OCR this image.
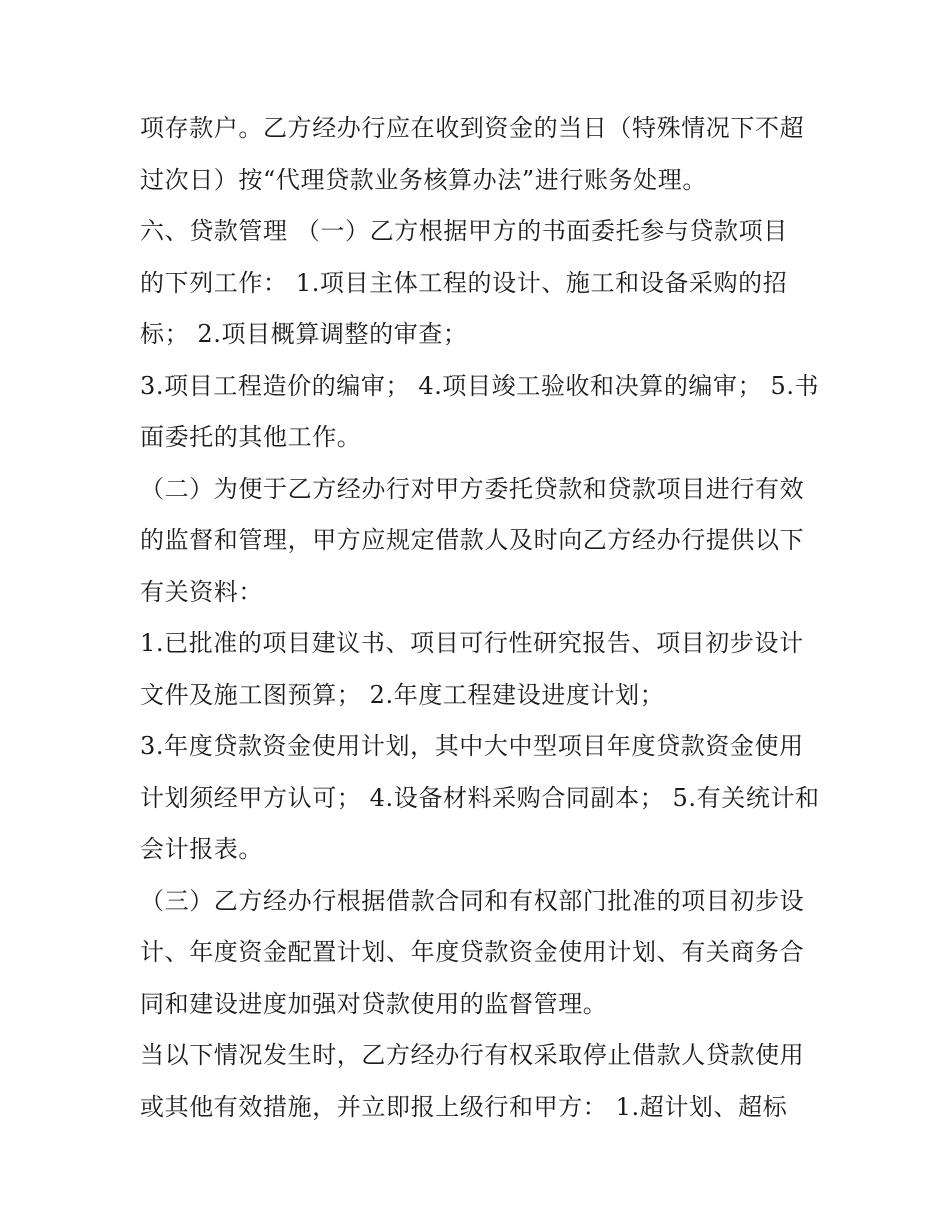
项存款户。乙方经办行应在收到资金的当日（特殊情况下不超
过次日）按“代理贷款业务核算办法”进行账务处理。
六、贷款管理 （一）乙方根据甲方的书面委托参与贷款项目
的下列工作： 1.项目主体工程的设计、施工和设备采购的招
标； 2.项目概算调整的审查；
3.项目工程造价的编审； 4.项目竣工验收和决算的编审； 5.书
面委托的其他工作。
（二）为便于乙方经办行对甲方委托贷款和贷款项目进行有效
的监督和管理，甲方应规定借款人及时向乙方经办行提供以下
有关资料：
1.已批准的项目建议书、项目可行性研究报告、项目初步设计
文件及施工图预算； 2.年度工程建设进度计划；
3.年度贷款资金使用计划，其中大中型项目年度贷款资金使用
计划须经甲方认可； 4.设备材料采购合同副本； 5.有关统计和
会计报表。
（三）乙方经办行根据借款合同和有权部门批准的项目初步设
计、年度资金配置计划、年度贷款资金使用计划、有关商务合
同和建设进度加强对贷款使用的监督管理。
当以下情况发生时，乙方经办行有权采取停止借款人贷款使用
或其他有效措施，并立即报上级行和甲方： 1.超计划、超标
